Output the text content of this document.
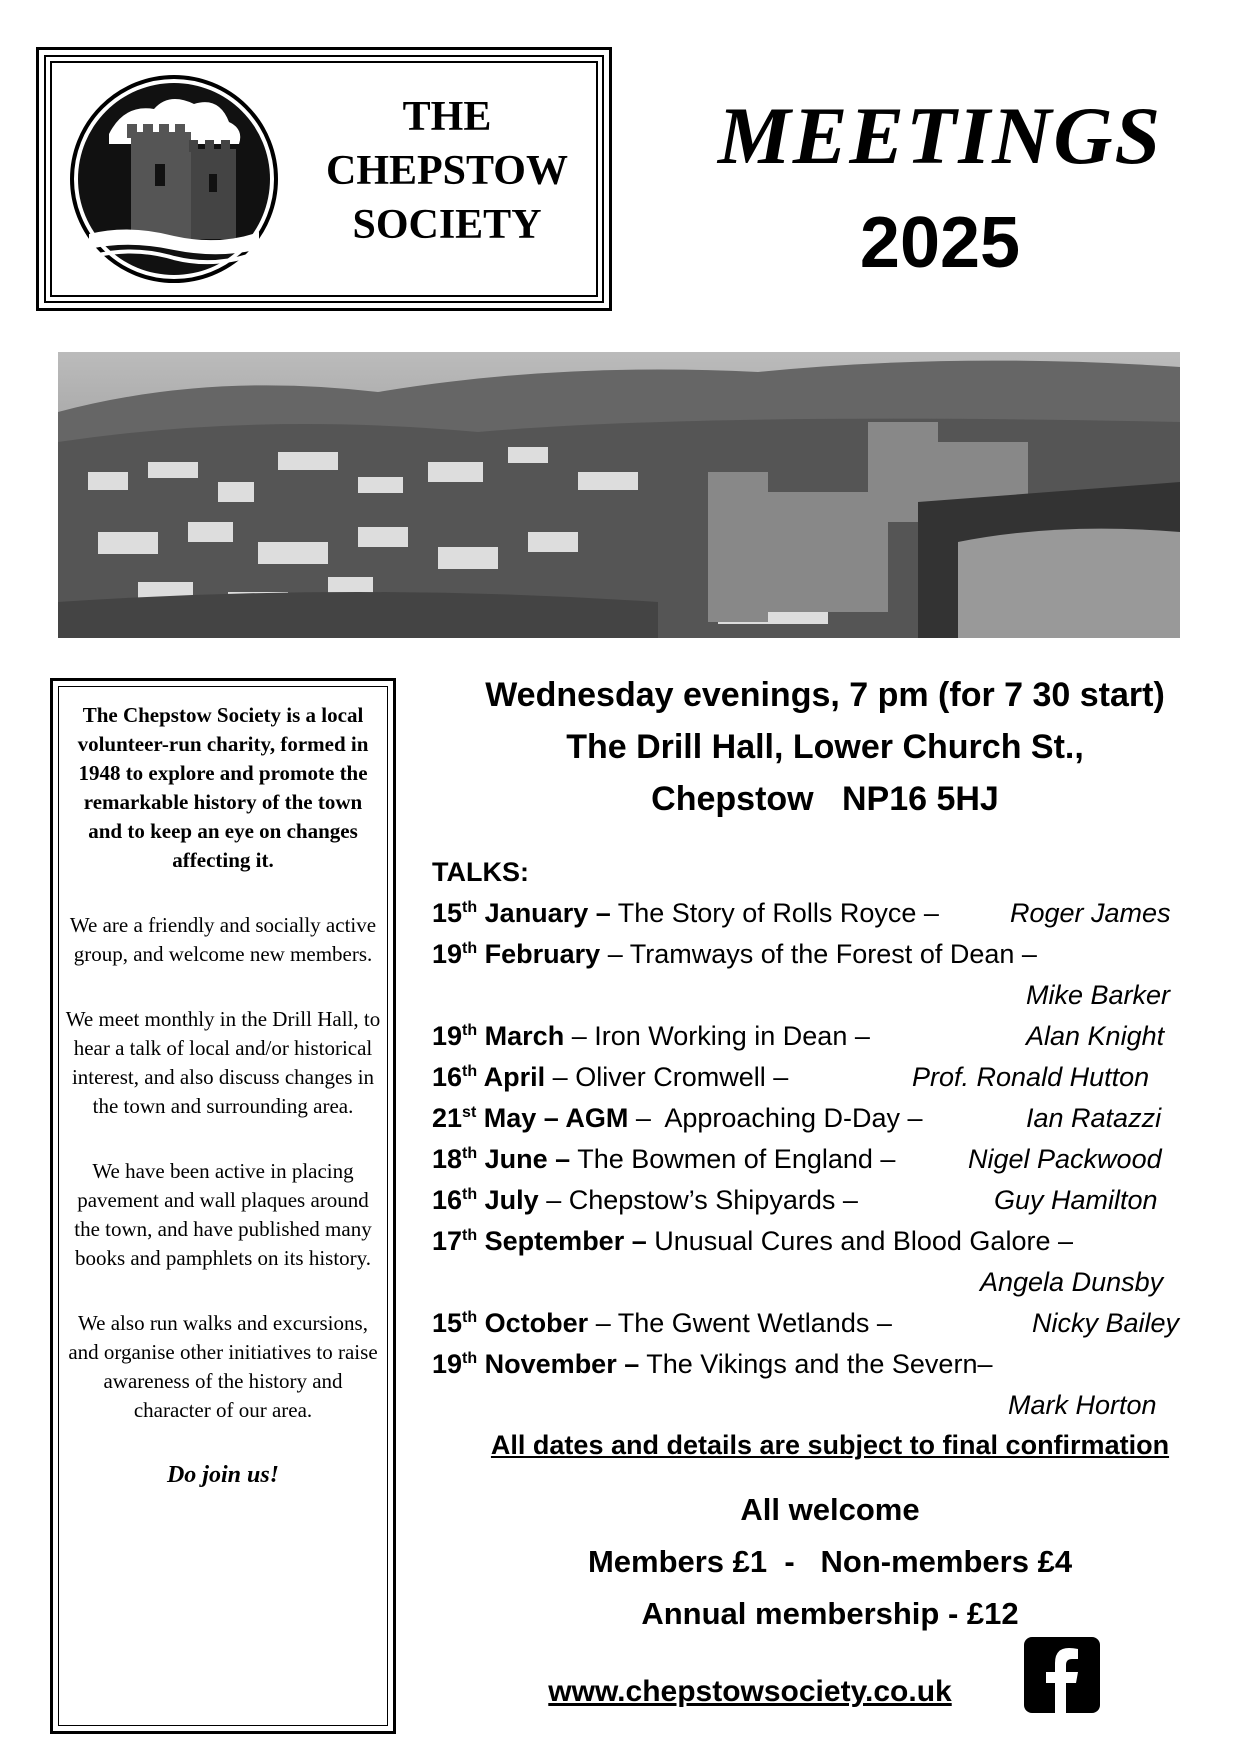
THE
CHEPSTOW
SOCIETY
MEETINGS
2025

The Chepstow Society is a local volunteer-run charity, formed in 1948 to explore and promote the remarkable history of the town and to keep an eye on changes affecting it.

We are a friendly and socially active group, and welcome new members.

We meet monthly in the Drill Hall, to hear a talk of local and/or historical interest, and also discuss changes in the town and surrounding area.

We have been active in placing pavement and wall plaques around the town, and have published many books and pamphlets on its history.

We also run walks and excursions, and organise other initiatives to raise awareness of the history and character of our area.

Do join us!

Wednesday evenings, 7 pm (for 7 30 start)
The Drill Hall, Lower Church St.,
Chepstow   NP16 5HJ
TALKS:
15th January – The Story of Rolls Royce –	Roger James
19th February – Tramways of the Forest of Dean –
Mike Barker
19th March – Iron Working in Dean –	Alan Knight
16th April – Oliver Cromwell –	Prof. Ronald Hutton
21st May – AGM –  Approaching D-Day –	Ian Ratazzi
18th June – The Bowmen of England –	Nigel Packwood
16th July – Chepstow’s Shipyards –	Guy Hamilton
17th September – Unusual Cures and Blood Galore –
Angela Dunsby
15th October – The Gwent Wetlands –	Nicky Bailey
19th November – The Vikings and the Severn–
Mark Horton
All dates and details are subject to final confirmation
All welcome
Members £1  -   Non-members £4
Annual membership - £12
www.chepstowsociety.co.uk
